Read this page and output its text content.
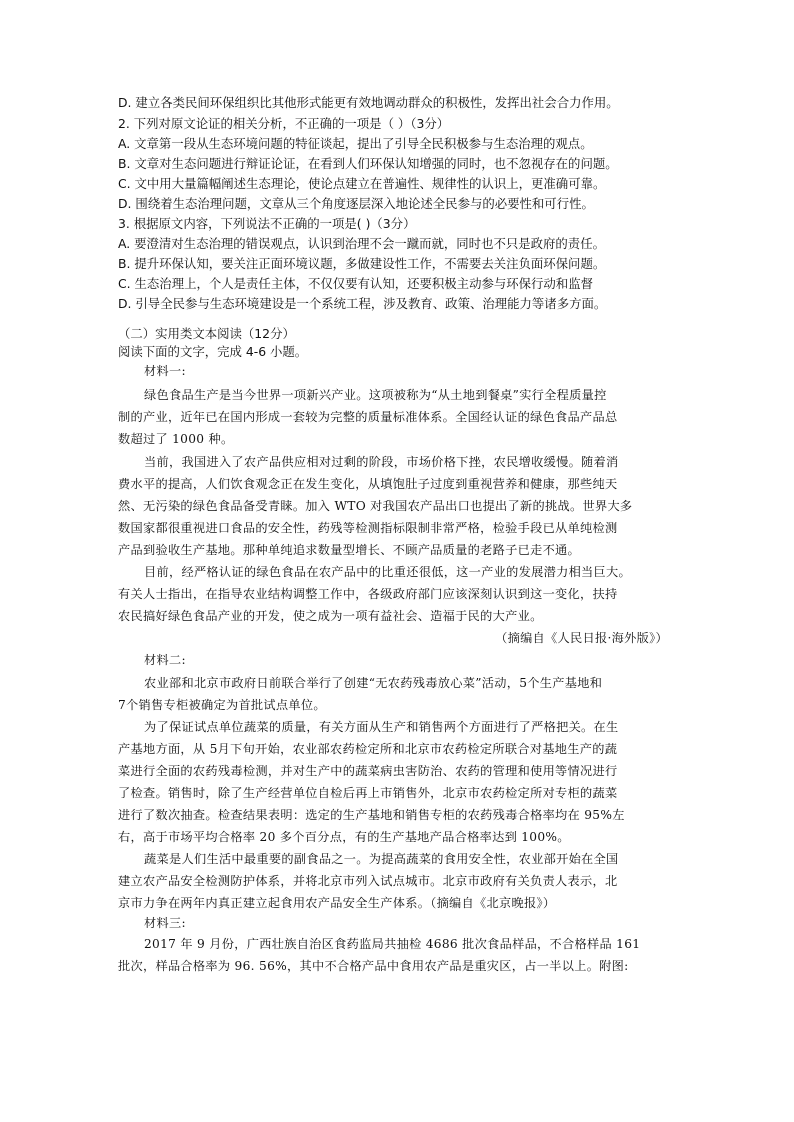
D. 建立各类民间环保组织比其他形式能更有效地调动群众的积极性，发挥出社会合力作用。
2. 下列对原文论证的相关分析，不正确的一项是（ ）（3分）
A. 文章第一段从生态环境问题的特征谈起，提出了引导全民积极参与生态治理的观点。
B. 文章对生态问题进行辩证论证，在看到人们环保认知增强的同时，也不忽视存在的问题。
C. 文中用大量篇幅阐述生态理论，使论点建立在普遍性、规律性的认识上，更准确可靠。
D. 围绕着生态治理问题，文章从三个角度逐层深入地论述全民参与的必要性和可行性。
3. 根据原文内容，下列说法不正确的一项是( )（3分）
A. 要澄清对生态治理的错误观点，认识到治理不会一蹴而就，同时也不只是政府的责任。
B. 提升环保认知，要关注正面环境议题，多做建设性工作，不需要去关注负面环保问题。
C. 生态治理上，个人是责任主体，不仅仅要有认知，还要积极主动参与环保行动和监督
D. 引导全民参与生态环境建设是一个系统工程，涉及教育、政策、治理能力等诸多方面。
（二）实用类文本阅读（12分）
阅读下面的文字，完成 4-6 小题。
材料一:
绿色食品生产是当今世界一项新兴产业。这项被称为“从土地到餐桌”实行全程质量控
制的产业，近年已在国内形成一套较为完整的质量标准体系。全国经认证的绿色食品产品总
数超过了 1000 种。
当前，我国进入了农产品供应相对过剩的阶段，市场价格下挫，农民增收缓慢。随着消
费水平的提高，人们饮食观念正在发生变化，从填饱肚子过度到重视营养和健康，那些纯天
然、无污染的绿色食品备受青睐。加入 WTO 对我国农产品出口也提出了新的挑战。世界大多
数国家都很重视进口食品的安全性，药残等检测指标限制非常严格，检验手段已从单纯检测
产品到验收生产基地。那种单纯追求数量型增长、不顾产品质量的老路子已走不通。
目前，经严格认证的绿色食品在农产品中的比重还很低，这一产业的发展潜力相当巨大。
有关人士指出，在指导农业结构调整工作中，各级政府部门应该深刻认识到这一变化，扶持
农民搞好绿色食品产业的开发，使之成为一项有益社会、造福于民的大产业。
（摘编自《人民日报·海外版》）
材料二:
农业部和北京市政府日前联合举行了创建“无农药残毒放心菜”活动，5个生产基地和
7个销售专柜被确定为首批试点单位。
为了保证试点单位蔬菜的质量，有关方面从生产和销售两个方面进行了严格把关。在生
产基地方面，从 5月下旬开始，农业部农药检定所和北京市农药检定所联合对基地生产的蔬
菜进行全面的农药残毒检测，并对生产中的蔬菜病虫害防治、农药的管理和使用等情况进行
了检查。销售时，除了生产经营单位自检后再上市销售外，北京市农药检定所对专柜的蔬菜
进行了数次抽查。检查结果表明：选定的生产基地和销售专柜的农药残毒合格率均在 95%左
右，高于市场平均合格率 20 多个百分点，有的生产基地产品合格率达到 100%。
蔬菜是人们生活中最重要的副食品之一。为提高蔬菜的食用安全性，农业部开始在全国
建立农产品安全检测防护体系，并将北京市列入试点城市。北京市政府有关负责人表示，北
京市力争在两年内真正建立起食用农产品安全生产体系。（摘编自《北京晚报》）
材料三:
2017 年 9 月份，广西壮族自治区食药监局共抽检 4686 批次食品样品，不合格样品 161
批次，样品合格率为 96. 56%，其中不合格产品中食用农产品是重灾区，占一半以上。附图:
